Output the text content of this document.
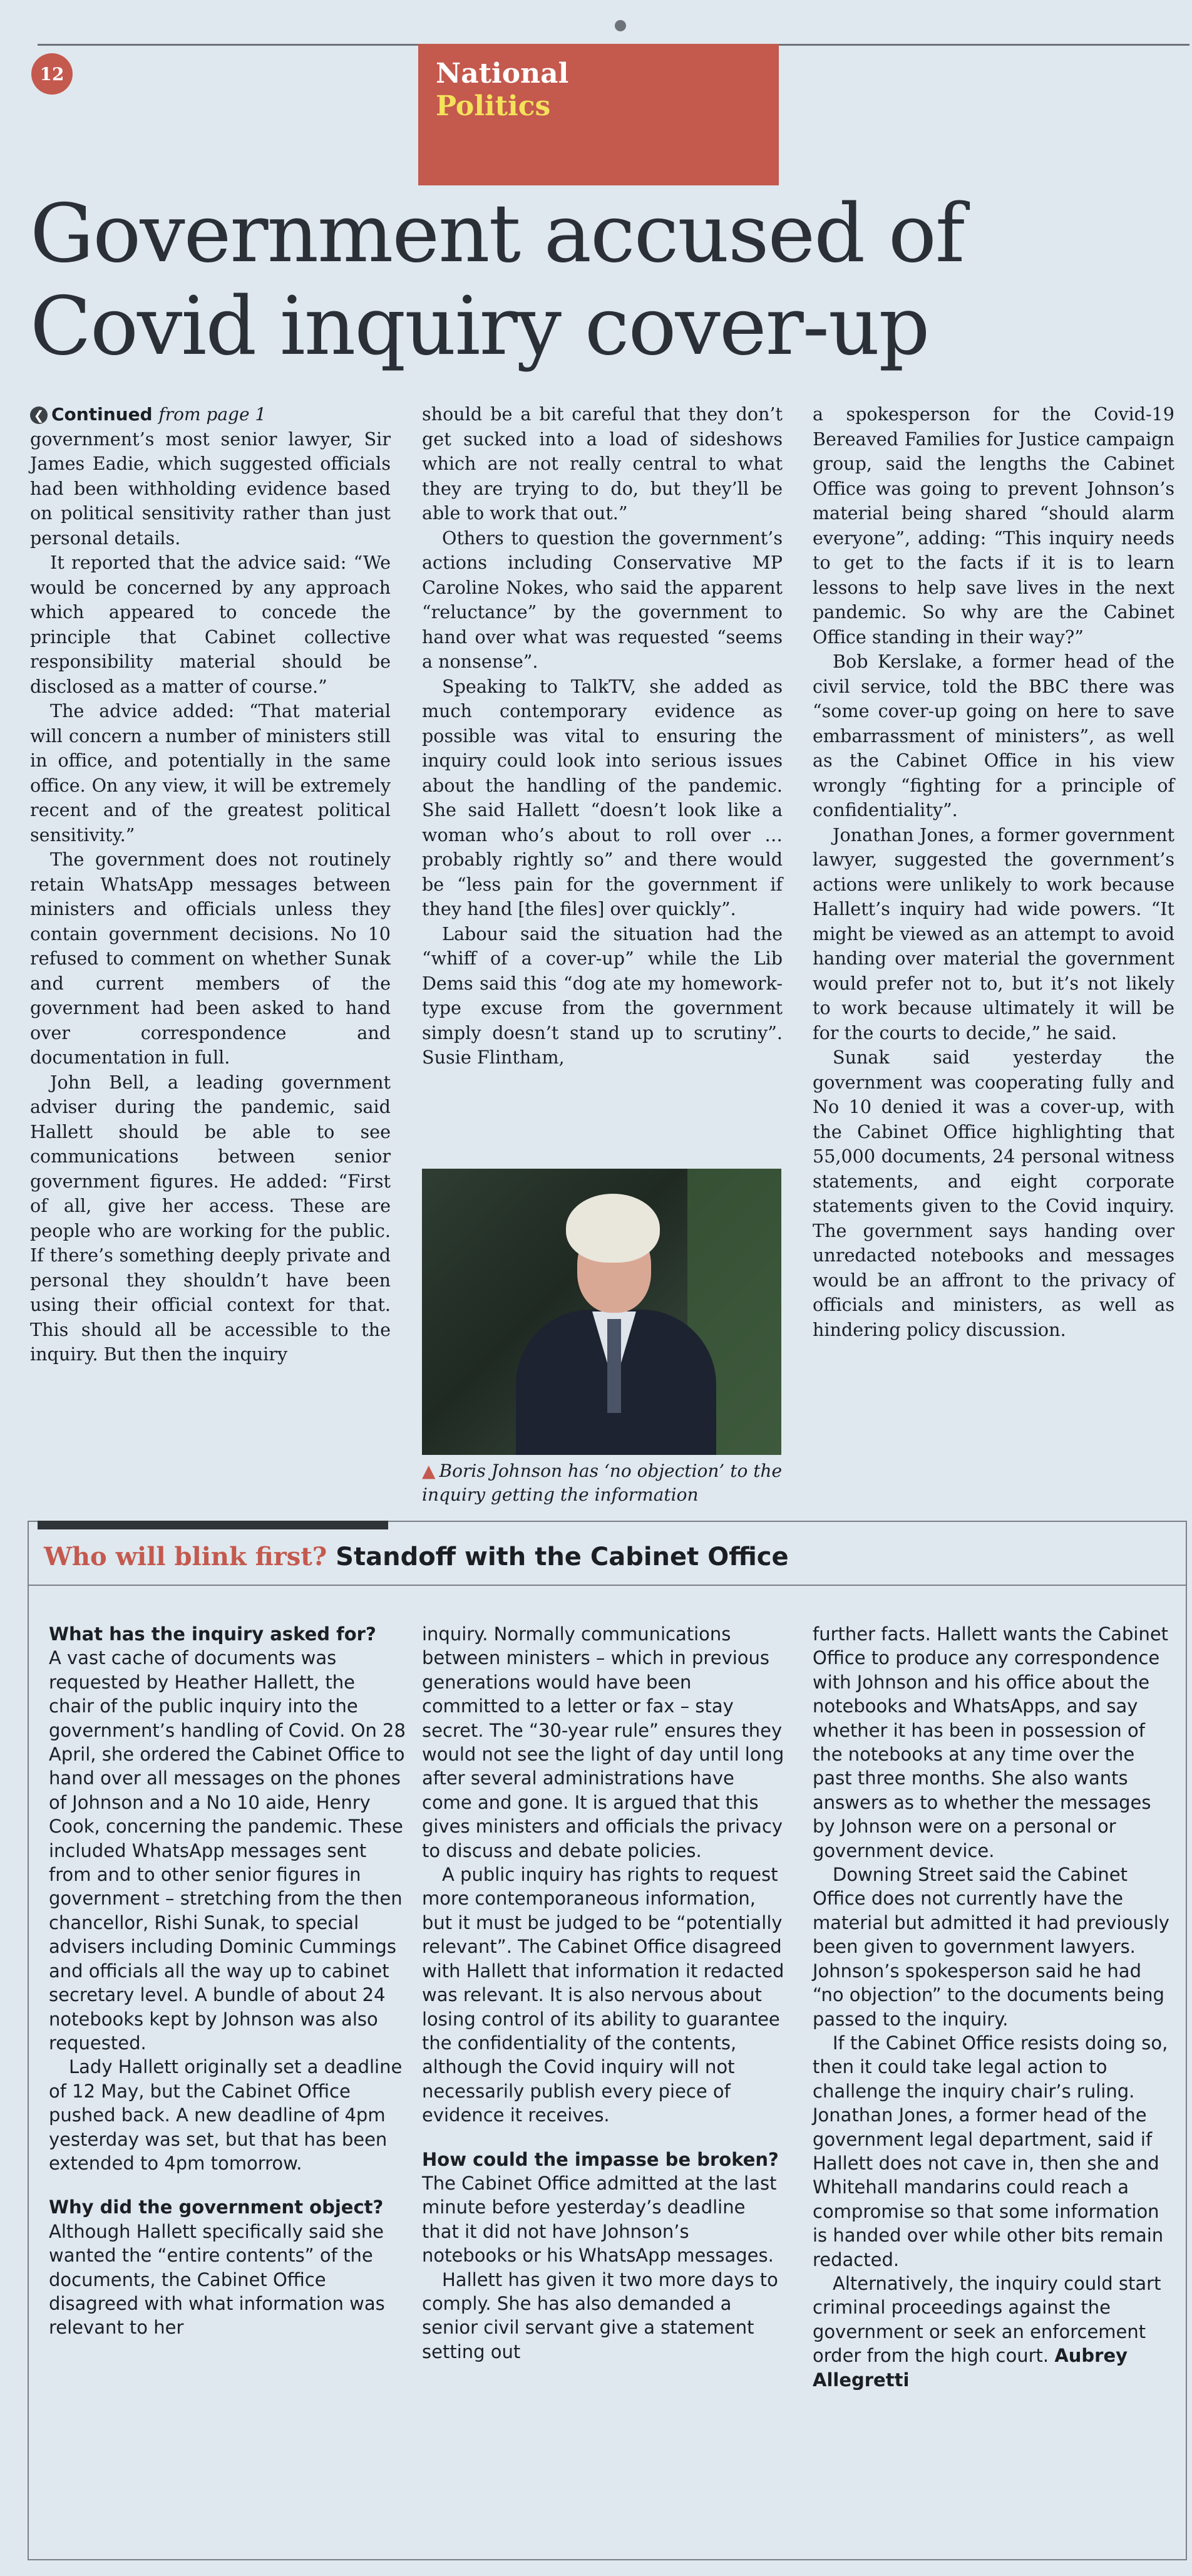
12	National
Politics
Government accused of Covid inquiry cover-up

❮ Continued from page 1

government’s most senior lawyer, Sir James Eadie, which suggested officials had been withholding evidence based on political sensitivity rather than just personal details.

It reported that the advice said: “We would be concerned by any approach which appeared to concede the principle that Cabinet collective responsibility material should be disclosed as a matter of course.”

The advice added: “That material will concern a number of ministers still in office, and potentially in the same office. On any view, it will be extremely recent and of the greatest political sensitivity.”

The government does not routinely retain WhatsApp messages between ministers and officials unless they contain government decisions. No 10 refused to comment on whether Sunak and current members of the government had been asked to hand over correspondence and documentation in full.

John Bell, a leading government adviser during the pandemic, said Hallett should be able to see communications between senior government figures. He added: “First of all, give her access. These are people who are working for the public. If there’s something deeply private and personal they shouldn’t have been using their official context for that. This should all be accessible to the inquiry. But then the inquiry

should be a bit careful that they don’t get sucked into a load of sideshows which are not really central to what they are trying to do, but they’ll be able to work that out.”

Others to question the government’s actions including Conservative MP Caroline Nokes, who said the apparent “reluctance” by the government to hand over what was requested “seems a nonsense”.

Speaking to TalkTV, she added as much contemporary evidence as possible was vital to ensuring the inquiry could look into serious issues about the handling of the pandemic. She said Hallett “doesn’t look like a woman who’s about to roll over … probably rightly so” and there would be “less pain for the government if they hand [the files] over quickly”.

Labour said the situation had the “whiff of a cover-up” while the Lib Dems said this “dog ate my homework-type excuse from the government simply doesn’t stand up to scrutiny”. Susie Flintham,

▲ Boris Johnson has ‘no objection’ to the inquiry getting the information

a spokesperson for the Covid-19 Bereaved Families for Justice campaign group, said the lengths the Cabinet Office was going to prevent Johnson’s material being shared “should alarm everyone”, adding: “This inquiry needs to get to the facts if it is to learn lessons to help save lives in the next pandemic. So why are the Cabinet Office standing in their way?”

Bob Kerslake, a former head of the civil service, told the BBC there was “some cover-up going on here to save embarrassment of ministers”, as well as the Cabinet Office in his view wrongly “fighting for a principle of confidentiality”.

Jonathan Jones, a former government lawyer, suggested the government’s actions were unlikely to work because Hallett’s inquiry had wide powers. “It might be viewed as an attempt to avoid handing over material the government would prefer not to, but it’s not likely to work because ultimately it will be for the courts to decide,” he said.

Sunak said yesterday the government was cooperating fully and No 10 denied it was a cover-up, with the Cabinet Office highlighting that 55,000 documents, 24 personal witness statements, and eight corporate statements given to the Covid inquiry. The government says handing over unredacted notebooks and messages would be an affront to the privacy of officials and ministers, as well as hindering policy discussion.

Who will blink first? Standoff with the Cabinet Office

What has the inquiry asked for?

A vast cache of documents was requested by Heather Hallett, the chair of the public inquiry into the government’s handling of Covid. On 28 April, she ordered the Cabinet Office to hand over all messages on the phones of Johnson and a No 10 aide, Henry Cook, concerning the pandemic. These included WhatsApp messages sent from and to other senior figures in government – stretching from the then chancellor, Rishi Sunak, to special advisers including Dominic Cummings and officials all the way up to cabinet secretary level. A bundle of about 24 notebooks kept by Johnson was also requested.

Lady Hallett originally set a deadline of 12 May, but the Cabinet Office pushed back. A new deadline of 4pm yesterday was set, but that has been extended to 4pm tomorrow.

Why did the government object?

Although Hallett specifically said she wanted the “entire contents” of the documents, the Cabinet Office disagreed with what information was relevant to her

inquiry. Normally communications between ministers – which in previous generations would have been committed to a letter or fax – stay secret. The “30-year rule” ensures they would not see the light of day until long after several administrations have come and gone. It is argued that this gives ministers and officials the privacy to discuss and debate policies.

A public inquiry has rights to request more contemporaneous information, but it must be judged to be “potentially relevant”. The Cabinet Office disagreed with Hallett that information it redacted was relevant. It is also nervous about losing control of its ability to guarantee the confidentiality of the contents, although the Covid inquiry will not necessarily publish every piece of evidence it receives.

How could the impasse be broken?

The Cabinet Office admitted at the last minute before yesterday’s deadline that it did not have Johnson’s notebooks or his WhatsApp messages.

Hallett has given it two more days to comply. She has also demanded a senior civil servant give a statement setting out

further facts. Hallett wants the Cabinet Office to produce any correspondence with Johnson and his office about the notebooks and WhatsApps, and say whether it has been in possession of the notebooks at any time over the past three months. She also wants answers as to whether the messages by Johnson were on a personal or government device.

Downing Street said the Cabinet Office does not currently have the material but admitted it had previously been given to government lawyers. Johnson’s spokesperson said he had “no objection” to the documents being passed to the inquiry.

If the Cabinet Office resists doing so, then it could take legal action to challenge the inquiry chair’s ruling. Jonathan Jones, a former head of the government legal department, said if Hallett does not cave in, then she and Whitehall mandarins could reach a compromise so that some information is handed over while other bits remain redacted.

Alternatively, the inquiry could start criminal proceedings against the government or seek an enforcement order from the high court. Aubrey Allegretti
